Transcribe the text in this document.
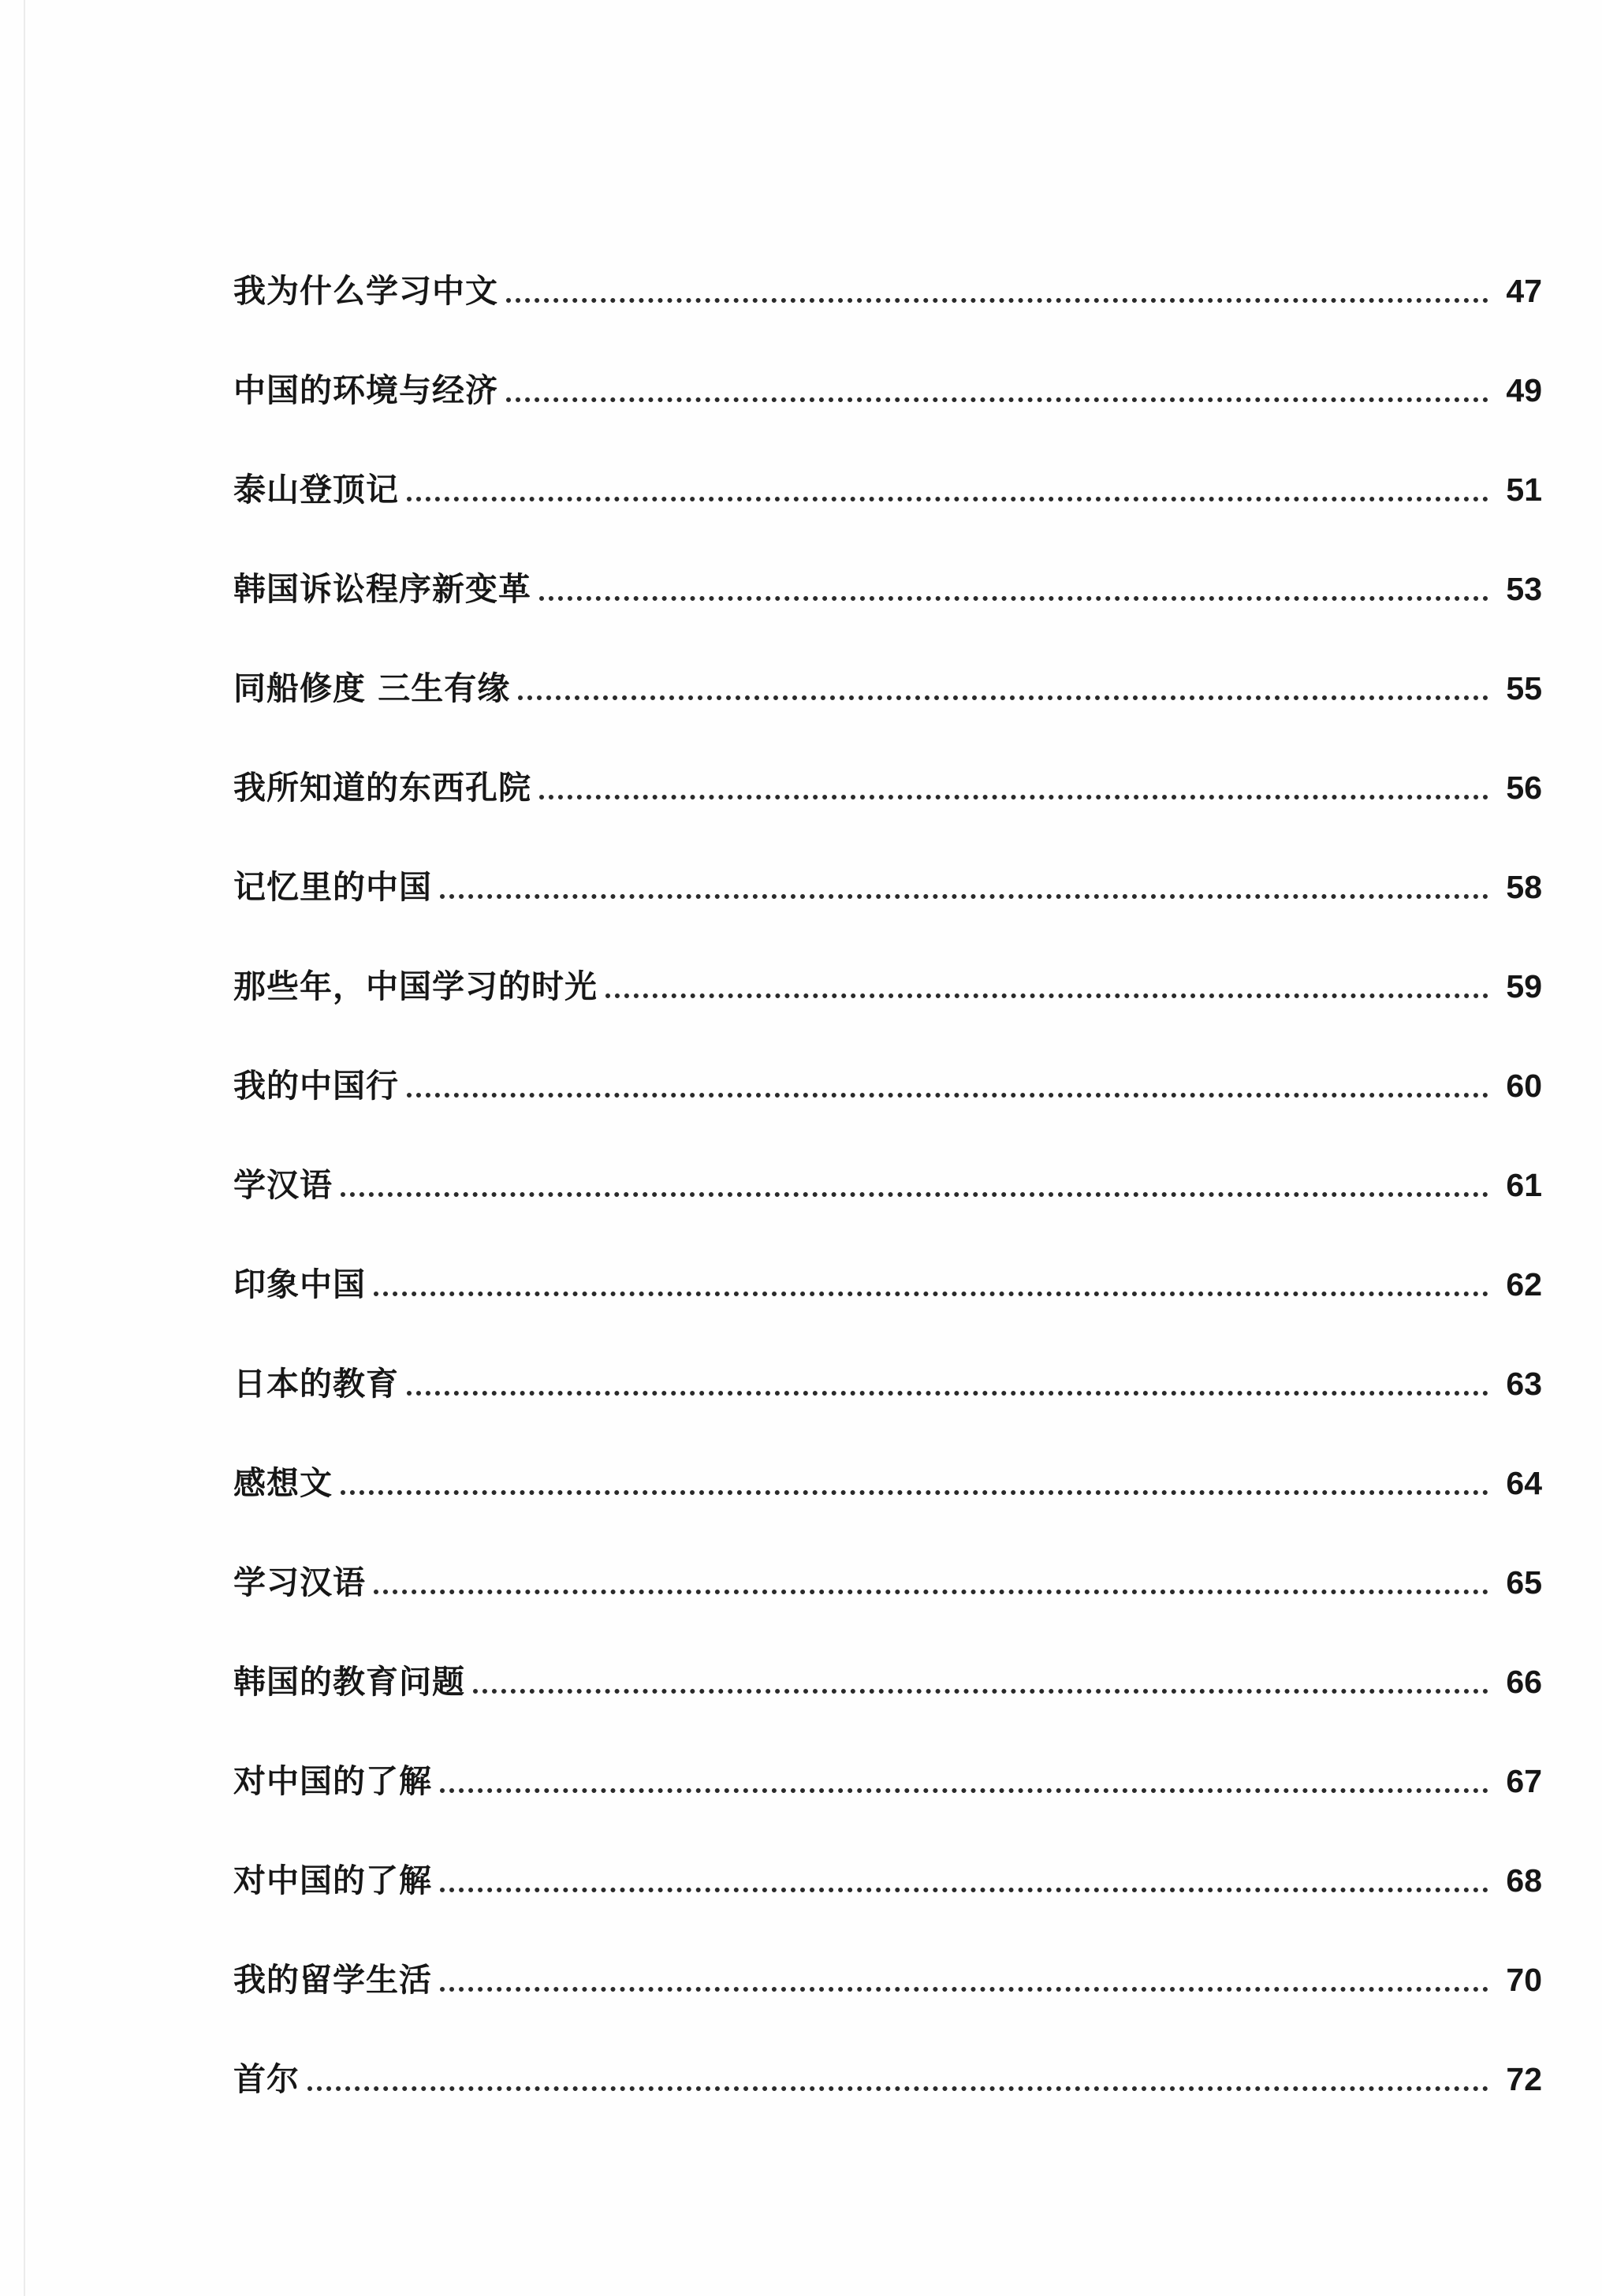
我为什么学习中文	47
中国的环境与经济	49
泰山登顶记	51
韩国诉讼程序新变革	53
同船修度 三生有缘	55
我所知道的东西孔院	56
记忆里的中国	58
那些年，中国学习的时光	59
我的中国行	60
学汉语	61
印象中国	62
日本的教育	63
感想文	64
学习汉语	65
韩国的教育问题	66
对中国的了解	67
对中国的了解	68
我的留学生活	70
首尔	72
